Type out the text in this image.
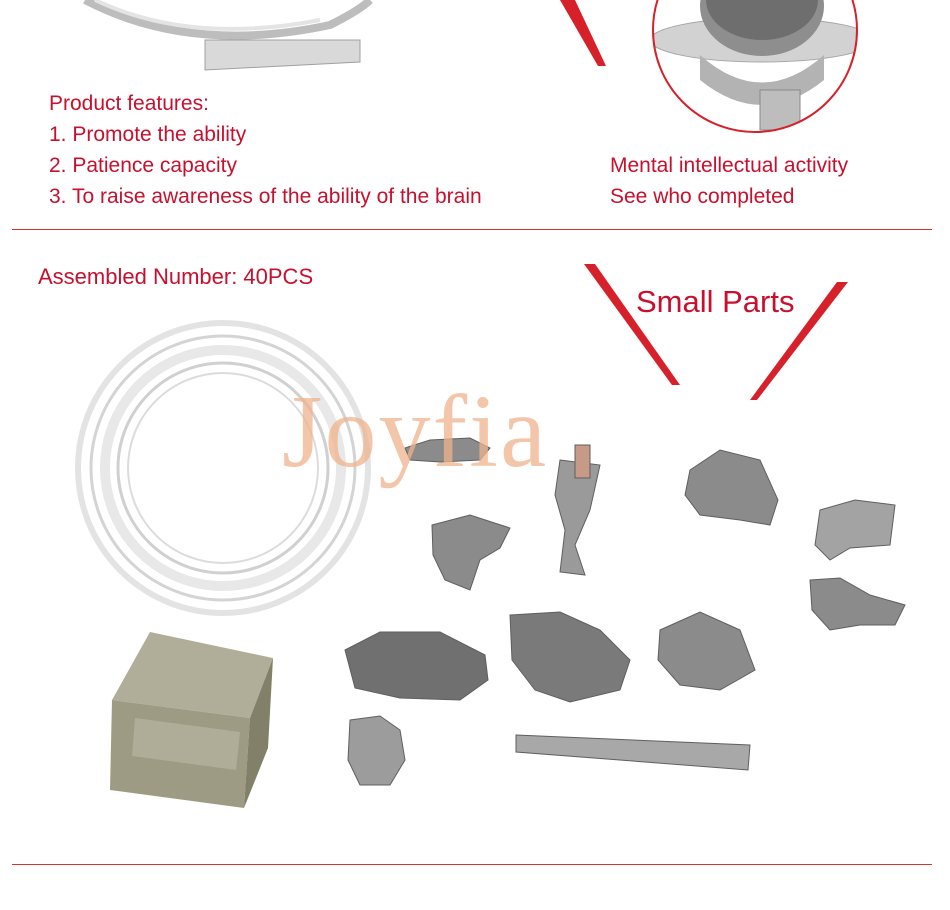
Product features:
1. Promote the ability
2. Patience capacity
3. To raise awareness of the ability of the brain
Mental intellectual activity
See who completed
Assembled Number: 40PCS
Small Parts
Joyfia
